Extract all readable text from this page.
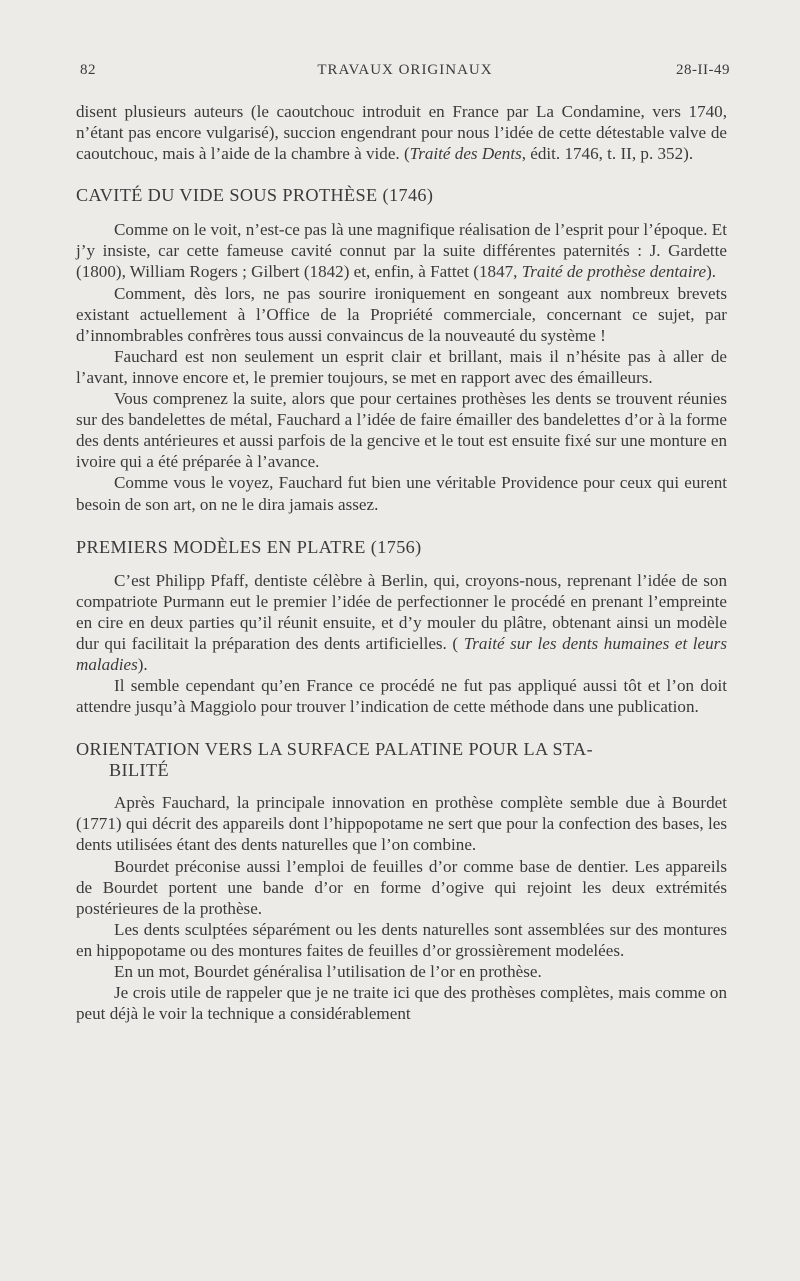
82	TRAVAUX ORIGINAUX	28-II-49

disent plusieurs auteurs (le caoutchouc introduit en France par La Condamine, vers 1740, n’étant pas encore vulgarisé), succion engendrant pour nous l’idée de cette détestable valve de caoutchouc, mais à l’aide de la chambre à vide. (Traité des Dents, édit. 1746, t. II, p. 352).

CAVITÉ DU VIDE SOUS PROTHÈSE (1746)

Comme on le voit, n’est-ce pas là une magnifique réalisation de l’esprit pour l’époque. Et j’y insiste, car cette fameuse cavité connut par la suite différentes paternités : J. Gardette (1800), William Rogers ; Gilbert (1842) et, enfin, à Fattet (1847, Traité de prothèse dentaire).

Comment, dès lors, ne pas sourire ironiquement en songeant aux nombreux brevets existant actuellement à l’Office de la Propriété commerciale, concernant ce sujet, par d’innombrables confrères tous aussi convaincus de la nouveauté du système !

Fauchard est non seulement un esprit clair et brillant, mais il n’hésite pas à aller de l’avant, innove encore et, le premier toujours, se met en rapport avec des émailleurs.

Vous comprenez la suite, alors que pour certaines prothèses les dents se trouvent réunies sur des bandelettes de métal, Fauchard a l’idée de faire émailler des bandelettes d’or à la forme des dents antérieures et aussi parfois de la gencive et le tout est ensuite fixé sur une monture en ivoire qui a été préparée à l’avance.

Comme vous le voyez, Fauchard fut bien une véritable Providence pour ceux qui eurent besoin de son art, on ne le dira jamais assez.

PREMIERS MODÈLES EN PLATRE (1756)

C’est Philipp Pfaff, dentiste célèbre à Berlin, qui, croyons-nous, reprenant l’idée de son compatriote Purmann eut le premier l’idée de perfectionner le procédé en prenant l’empreinte en cire en deux parties qu’il réunit ensuite, et d’y mouler du plâtre, obtenant ainsi un modèle dur qui facilitait la préparation des dents artificielles. ( Traité sur les dents humaines et leurs maladies).

Il semble cependant qu’en France ce procédé ne fut pas appliqué aussi tôt et l’on doit attendre jusqu’à Maggiolo pour trouver l’indication de cette méthode dans une publication.

ORIENTATION VERS LA SURFACE PALATINE POUR LA STA-
BILITÉ

Après Fauchard, la principale innovation en prothèse complète semble due à Bourdet (1771) qui décrit des appareils dont l’hippopotame ne sert que pour la confection des bases, les dents utilisées étant des dents naturelles que l’on combine.

Bourdet préconise aussi l’emploi de feuilles d’or comme base de dentier. Les appareils de Bourdet portent une bande d’or en forme d’ogive qui rejoint les deux extrémités postérieures de la prothèse.

Les dents sculptées séparément ou les dents naturelles sont assemblées sur des montures en hippopotame ou des montures faites de feuilles d’or grossièrement modelées.

En un mot, Bourdet généralisa l’utilisation de l’or en prothèse.

Je crois utile de rappeler que je ne traite ici que des prothèses complètes, mais comme on peut déjà le voir la technique a considérablement
